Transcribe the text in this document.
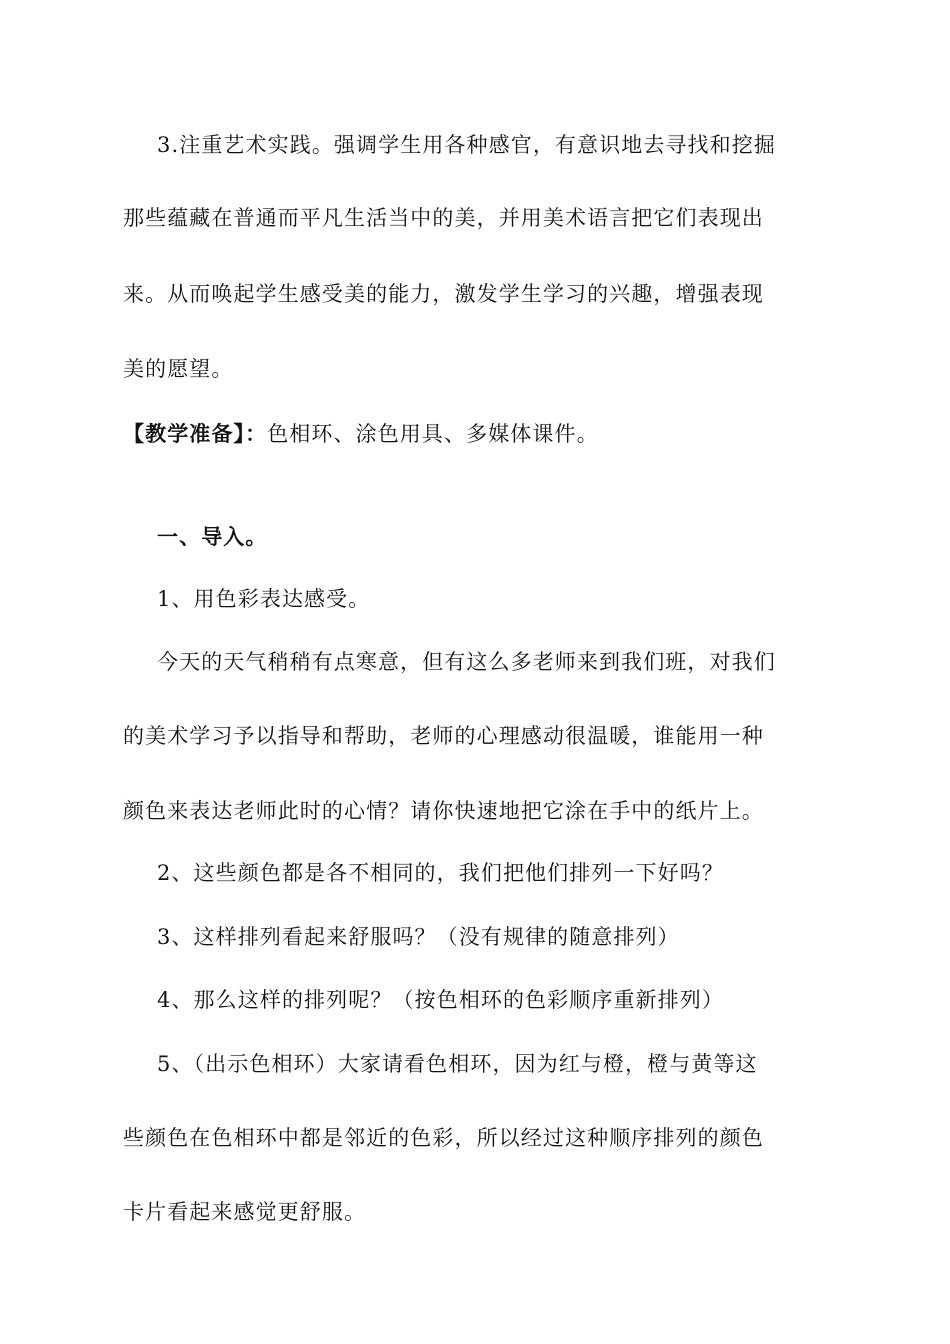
3.注重艺术实践。强调学生用各种感官，有意识地去寻找和挖掘
那些蕴藏在普通而平凡生活当中的美，并用美术语言把它们表现出
来。从而唤起学生感受美的能力，激发学生学习的兴趣，增强表现
美的愿望。
【教学准备】：色相环、涂色用具、多媒体课件。
一、导入。
1、用色彩表达感受。
今天的天气稍稍有点寒意，但有这么多老师来到我们班，对我们
的美术学习予以指导和帮助，老师的心理感动很温暖，谁能用一种
颜色来表达老师此时的心情？请你快速地把它涂在手中的纸片上。
2、这些颜色都是各不相同的，我们把他们排列一下好吗？
3、这样排列看起来舒服吗？（没有规律的随意排列）
4、那么这样的排列呢？（按色相环的色彩顺序重新排列）
5、（出示色相环）大家请看色相环，因为红与橙，橙与黄等这
些颜色在色相环中都是邻近的色彩，所以经过这种顺序排列的颜色
卡片看起来感觉更舒服。
